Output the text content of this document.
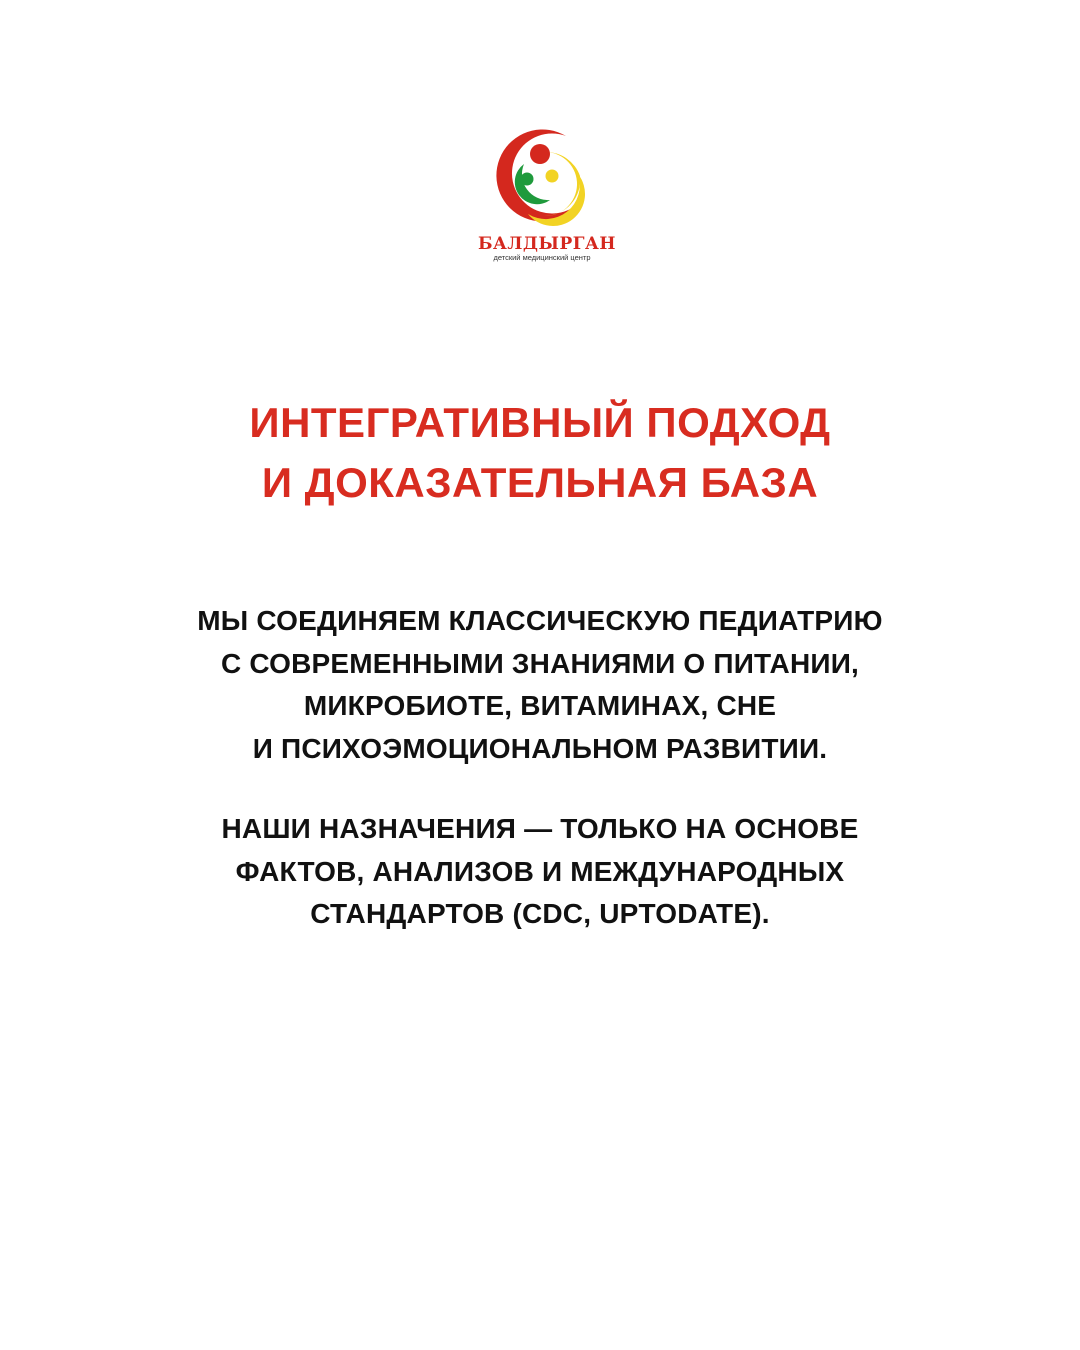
БАЛДЫРГАН
детский медицинский центр
ИНТЕГРАТИВНЫЙ ПОДХОД
И ДОКАЗАТЕЛЬНАЯ БАЗА
МЫ СОЕДИНЯЕМ КЛАССИЧЕСКУЮ ПЕДИАТРИЮ
С СОВРЕМЕННЫМИ ЗНАНИЯМИ О ПИТАНИИ,
МИКРОБИОТЕ, ВИТАМИНАХ, СНЕ
И ПСИХОЭМОЦИОНАЛЬНОМ РАЗВИТИИ.
НАШИ НАЗНАЧЕНИЯ — ТОЛЬКО НА ОСНОВЕ
ФАКТОВ, АНАЛИЗОВ И МЕЖДУНАРОДНЫХ
СТАНДАРТОВ (CDC, UPTODATE).
